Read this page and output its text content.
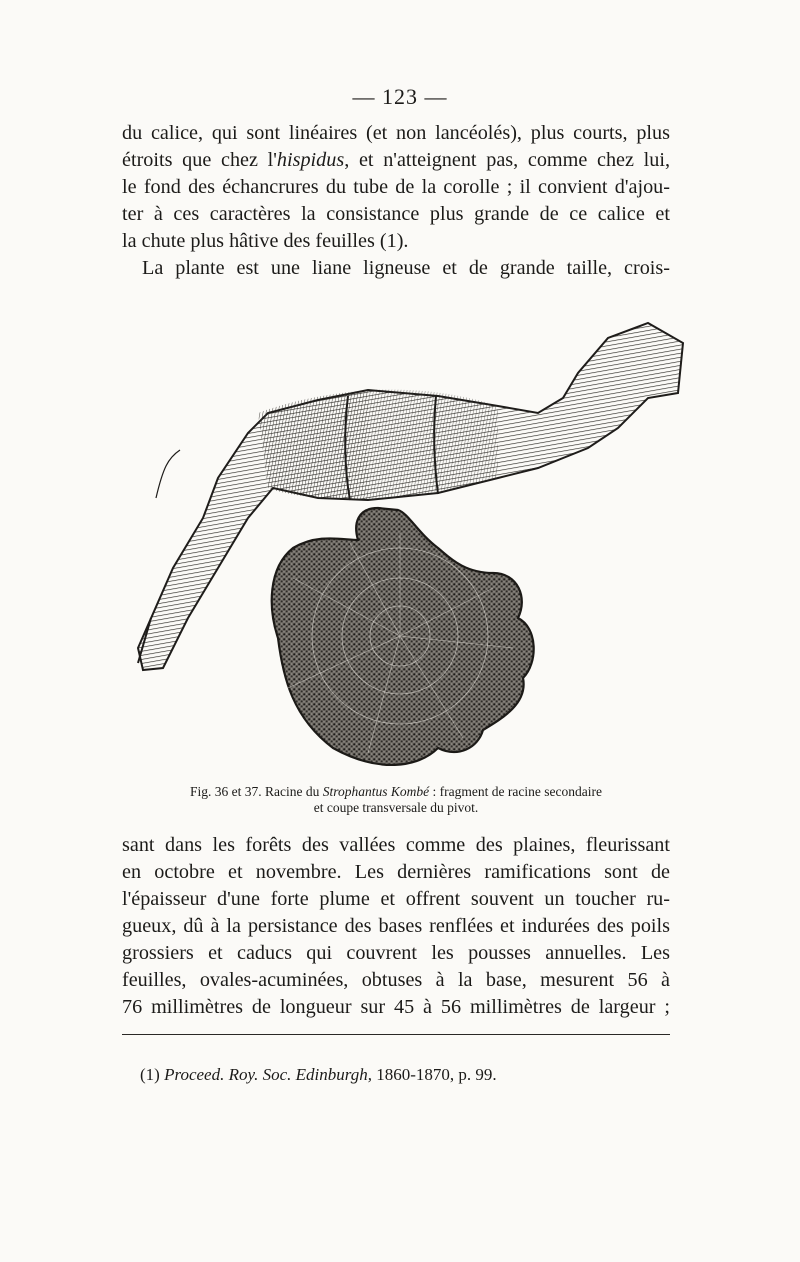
— 123 —
du calice, qui sont linéaires (et non lancéolés), plus courts, plus
étroits que chez l'hispidus, et n'atteignent pas, comme chez lui,
le fond des échancrures du tube de la corolle ; il convient d'ajou-
ter à ces caractères la consistance plus grande de ce calice et
la chute plus hâtive des feuilles (1).
La plante est une liane ligneuse et de grande taille, crois-
Fig. 36 et 37. Racine du Strophantus Kombé : fragment de racine secondaire
et coupe transversale du pivot.
sant dans les forêts des vallées comme des plaines, fleurissant
en octobre et novembre. Les dernières ramifications sont de
l'épaisseur d'une forte plume et offrent souvent un toucher ru-
gueux, dû à la persistance des bases renflées et indurées des poils
grossiers et caducs qui couvrent les pousses annuelles. Les
feuilles, ovales-acuminées, obtuses à la base, mesurent 56 à
76 millimètres de longueur sur 45 à 56 millimètres de largeur ;
(1) Proceed. Roy. Soc. Edinburgh, 1860-1870, p. 99.
